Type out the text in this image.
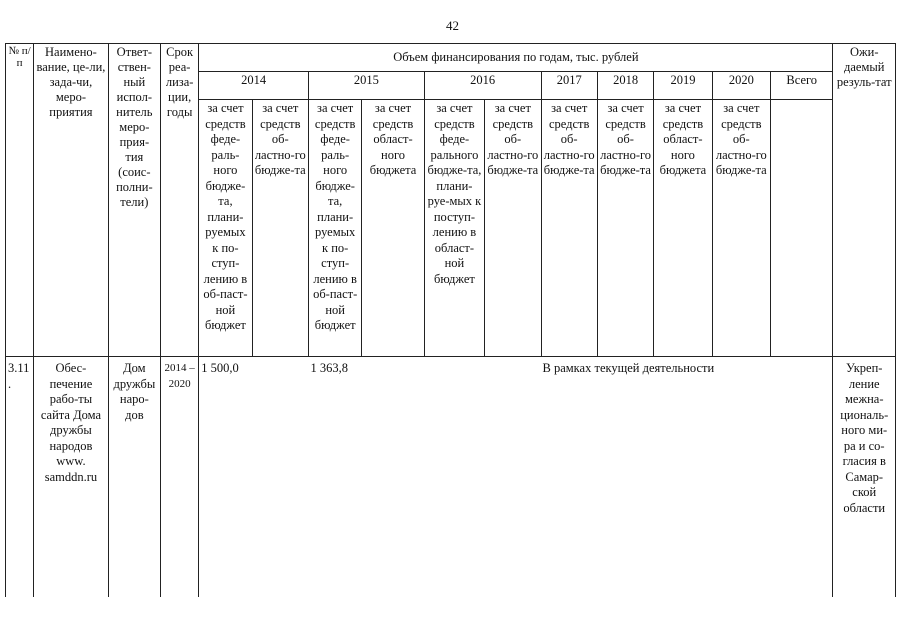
42
№ п/п	Наимено-вание, це-ли, зада-чи, меро-приятия	Ответ-ствен-ный испол-нитель меро-прия-тия (соис-полни-тели)	Срок реа-лиза-ции, годы	Объем финансирования по годам, тыс. рублей											Ожи-даемый резуль-тат
				2014		2015		2016		2017	2018	2019	2020	Всего	
				за счет средств феде-раль-ного бюдже-та, плани-руемых к по-ступ-лению в об-паст-ной бюджет	за счет средств об-ластно-го бюдже-та	за счет средств феде-раль-ного бюдже-та, плани-руемых к по-ступ-лению в об-паст-ной бюджет	за счет средств област-ного бюджета	за счет средств феде-рального бюдже-та, плани-руе-мых к поступ-лению в област-ной бюджет	за счет средств об-ластно-го бюдже-та	за счет средств об-ластно-го бюдже-та	за счет средств об-ластно-го бюдже-та	за счет средств област-ного бюджета	за счет средств об-ластно-го бюдже-та		
3.11.	Обес-печение рабо-ты сайта Дома дружбы народов www. samddn.ru	Дом дружбы наро-дов	2014 – 2020	1 500,0		1 363,8		В рамках текущей деятельности							Укреп-ление межна-циональ-ного ми-ра и со-гласия в Самар-ской области
